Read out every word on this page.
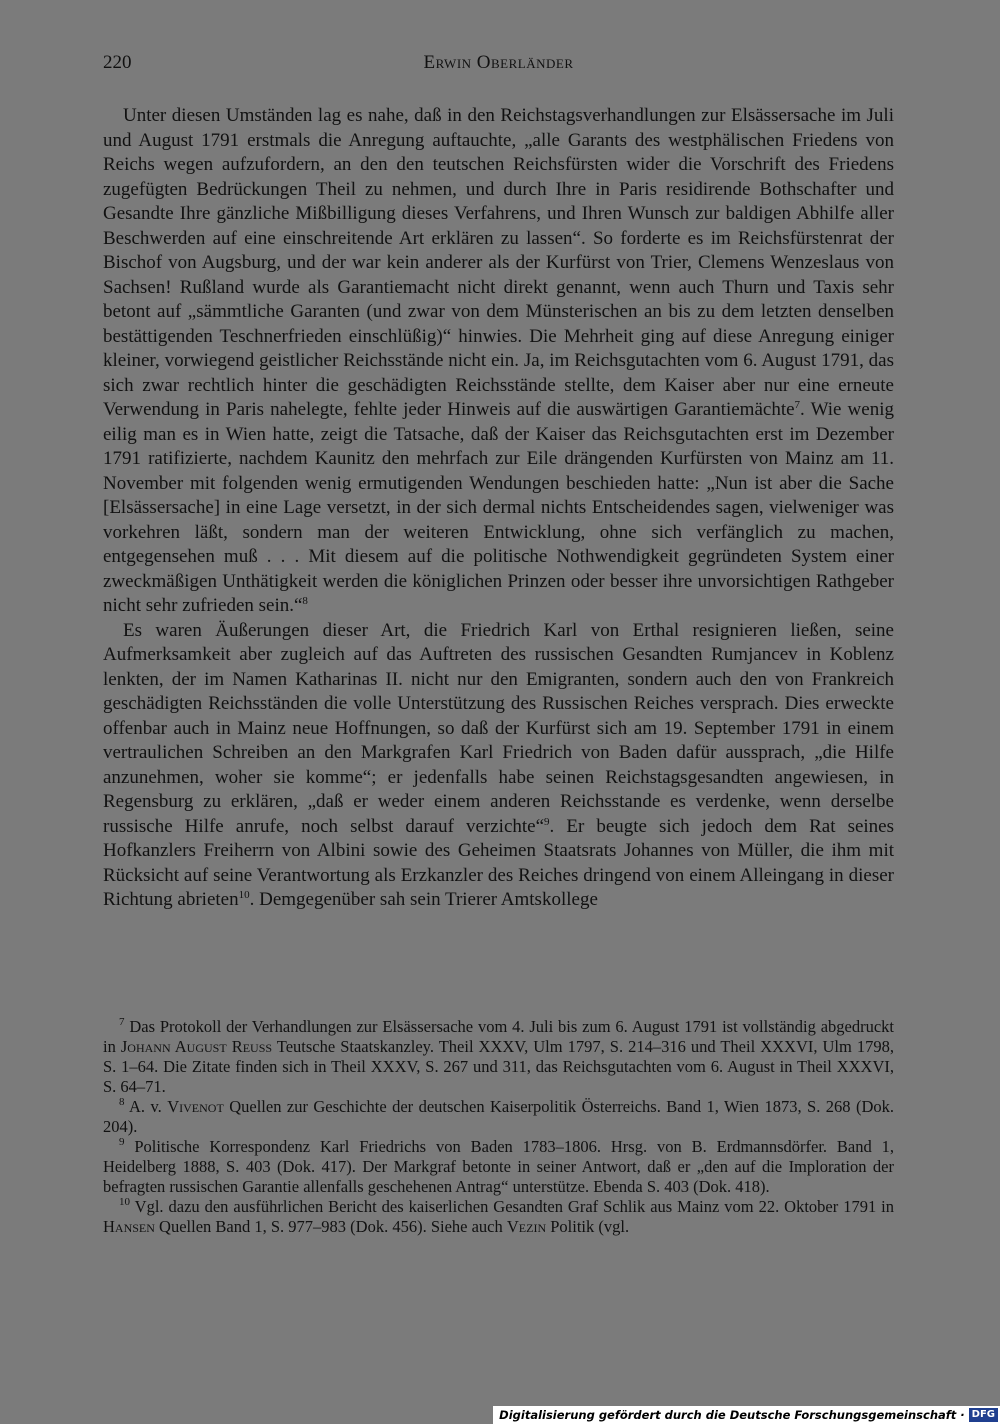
220	Erwin Oberländer

Unter diesen Umständen lag es nahe, daß in den Reichstagsverhandlungen zur Elsässersache im Juli und August 1791 erstmals die Anregung auftauchte, „alle Garants des westphälischen Friedens von Reichs wegen aufzufordern, an den den teutschen Reichsfürsten wider die Vorschrift des Friedens zugefügten Bedrückungen Theil zu nehmen, und durch Ihre in Paris residirende Bothschafter und Gesandte Ihre gänzliche Mißbilligung dieses Verfahrens, und Ihren Wunsch zur baldigen Abhilfe aller Beschwerden auf eine einschreitende Art erklären zu lassen“. So forderte es im Reichsfürstenrat der Bischof von Augsburg, und der war kein anderer als der Kurfürst von Trier, Clemens Wenzeslaus von Sachsen! Rußland wurde als Garantiemacht nicht direkt genannt, wenn auch Thurn und Taxis sehr betont auf „sämmtliche Garanten (und zwar von dem Münsterischen an bis zu dem letzten denselben bestättigenden Teschnerfrieden einschlüßig)“ hinwies. Die Mehrheit ging auf diese Anregung einiger kleiner, vorwiegend geistlicher Reichsstände nicht ein. Ja, im Reichsgutachten vom 6. August 1791, das sich zwar rechtlich hinter die geschädigten Reichsstände stellte, dem Kaiser aber nur eine erneute Verwendung in Paris nahelegte, fehlte jeder Hinweis auf die auswärtigen Garantiemächte$^7$. Wie wenig eilig man es in Wien hatte, zeigt die Tatsache, daß der Kaiser das Reichsgutachten erst im Dezember 1791 ratifizierte, nachdem Kaunitz den mehrfach zur Eile drängenden Kurfürsten von Mainz am 11. November mit folgenden wenig ermutigenden Wendungen beschieden hatte: „Nun ist aber die Sache [Elsässersache] in eine Lage versetzt, in der sich dermal nichts Entscheidendes sagen, vielweniger was vorkehren läßt, sondern man der weiteren Entwicklung, ohne sich verfänglich zu machen, entgegensehen muß . . . Mit diesem auf die politische Nothwendigkeit gegründeten System einer zweckmäßigen Unthätigkeit werden die königlichen Prinzen oder besser ihre unvorsichtigen Rathgeber nicht sehr zufrieden sein.“$^8$

Es waren Äußerungen dieser Art, die Friedrich Karl von Erthal resignieren ließen, seine Aufmerksamkeit aber zugleich auf das Auftreten des russischen Gesandten Rumjancev in Koblenz lenkten, der im Namen Katharinas II. nicht nur den Emigranten, sondern auch den von Frankreich geschädigten Reichsständen die volle Unterstützung des Russischen Reiches versprach. Dies erweckte offenbar auch in Mainz neue Hoffnungen, so daß der Kurfürst sich am 19. September 1791 in einem vertraulichen Schreiben an den Markgrafen Karl Friedrich von Baden dafür aussprach, „die Hilfe anzunehmen, woher sie komme“; er jedenfalls habe seinen Reichstagsgesandten angewiesen, in Regensburg zu erklären, „daß er weder einem anderen Reichsstande es verdenke, wenn derselbe russische Hilfe anrufe, noch selbst darauf verzichte“$^9$. Er beugte sich jedoch dem Rat seines Hofkanzlers Freiherrn von Albini sowie des Geheimen Staatsrats Johannes von Müller, die ihm mit Rücksicht auf seine Verantwortung als Erzkanzler des Reiches dringend von einem Alleingang in dieser Richtung abrieten$^{10}$. Demgegenüber sah sein Trierer Amtskollege

$^7$ Das Protokoll der Verhandlungen zur Elsässersache vom 4. Juli bis zum 6. August 1791 ist vollständig abgedruckt in Johann August Reuss Teutsche Staatskanzley. Theil XXXV, Ulm 1797, S. 214–316 und Theil XXXVI, Ulm 1798, S. 1–64. Die Zitate finden sich in Theil XXXV, S. 267 und 311, das Reichsgutachten vom 6. August in Theil XXXVI, S. 64–71.

$^8$ A. v. Vivenot Quellen zur Geschichte der deutschen Kaiserpolitik Österreichs. Band 1, Wien 1873, S. 268 (Dok. 204).

$^9$ Politische Korrespondenz Karl Friedrichs von Baden 1783–1806. Hrsg. von B. Erdmannsdörfer. Band 1, Heidelberg 1888, S. 403 (Dok. 417). Der Markgraf betonte in seiner Antwort, daß er „den auf die Imploration der befragten russischen Garantie allenfalls geschehenen Antrag“ unterstütze. Ebenda S. 403 (Dok. 418).

$^{10}$ Vgl. dazu den ausführlichen Bericht des kaiserlichen Gesandten Graf Schlik aus Mainz vom 22. Oktober 1791 in Hansen Quellen Band 1, S. 977–983 (Dok. 456). Siehe auch Vezin Politik (vgl.

Digitalisierung gefördert durch die Deutsche Forschungsgemeinschaft · DFG
